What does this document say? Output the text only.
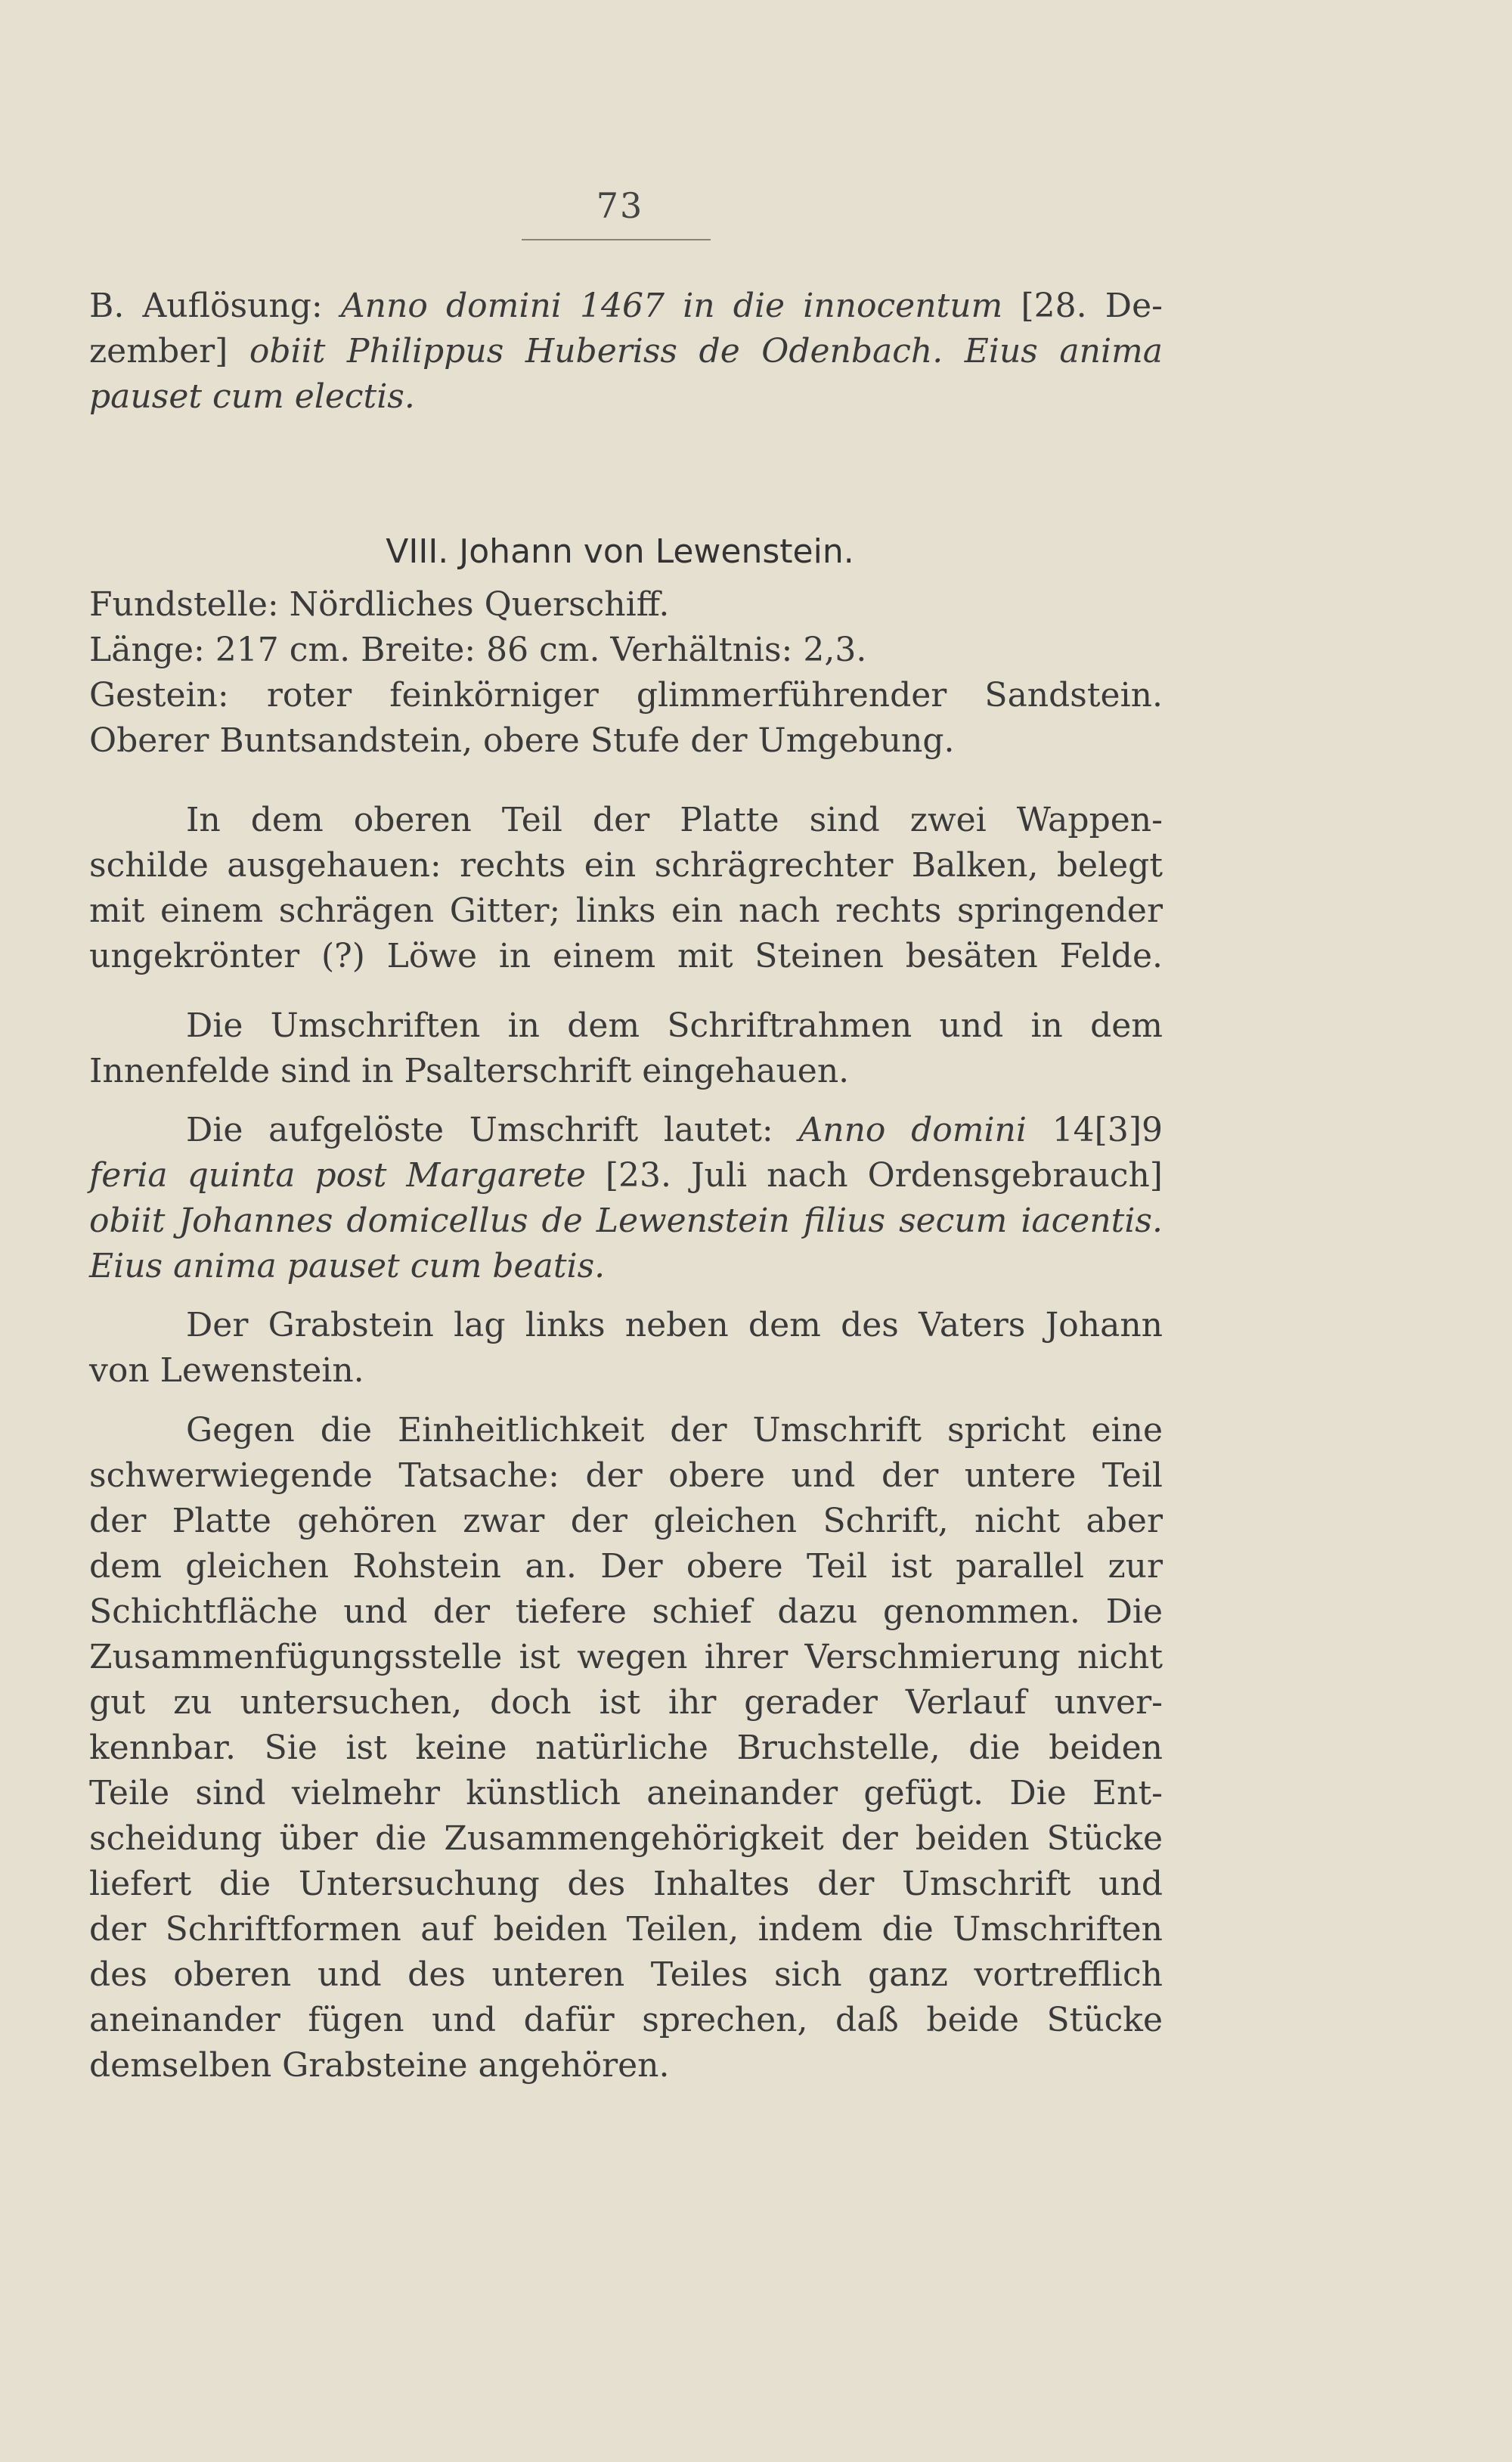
73
B. Auflösung: Anno domini 1467 in die innocentum [28. De-
zember] obiit Philippus Huberiss de Odenbach. Eius anima
pauset cum electis.
VIII. Johann von Lewenstein.
Fundstelle: Nördliches Querschiff.
Länge: 217 cm. Breite: 86 cm. Verhältnis: 2,3.
Gestein: roter feinkörniger glimmerführender Sandstein.
Oberer Buntsandstein, obere Stufe der Umgebung.
In dem oberen Teil der Platte sind zwei Wappen-
schilde ausgehauen: rechts ein schrägrechter Balken, belegt
mit einem schrägen Gitter; links ein nach rechts springender
ungekrönter (?) Löwe in einem mit Steinen besäten Felde.
Die Umschriften in dem Schriftrahmen und in dem
Innenfelde sind in Psalterschrift eingehauen.
Die aufgelöste Umschrift lautet: Anno domini 14[3]9
feria quinta post Margarete [23. Juli nach Ordensgebrauch]
obiit Johannes domicellus de Lewenstein filius secum iacentis.
Eius anima pauset cum beatis.
Der Grabstein lag links neben dem des Vaters Johann
von Lewenstein.
Gegen die Einheitlichkeit der Umschrift spricht eine
schwerwiegende Tatsache: der obere und der untere Teil
der Platte gehören zwar der gleichen Schrift, nicht aber
dem gleichen Rohstein an. Der obere Teil ist parallel zur
Schichtfläche und der tiefere schief dazu genommen. Die
Zusammenfügungsstelle ist wegen ihrer Verschmierung nicht
gut zu untersuchen, doch ist ihr gerader Verlauf unver-
kennbar. Sie ist keine natürliche Bruchstelle, die beiden
Teile sind vielmehr künstlich aneinander gefügt. Die Ent-
scheidung über die Zusammengehörigkeit der beiden Stücke
liefert die Untersuchung des Inhaltes der Umschrift und
der Schriftformen auf beiden Teilen, indem die Umschriften
des oberen und des unteren Teiles sich ganz vortrefflich
aneinander fügen und dafür sprechen, daß beide Stücke
demselben Grabsteine angehören.
